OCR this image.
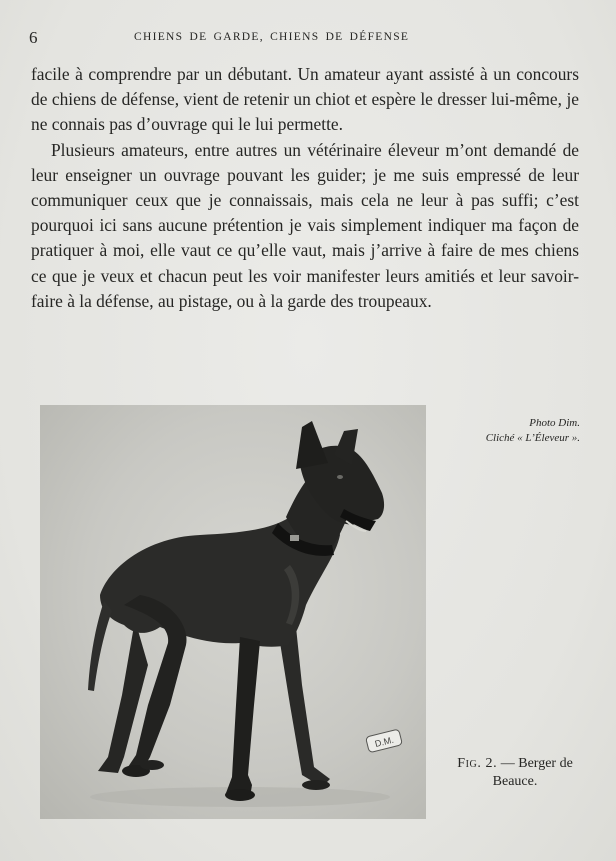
6	CHIENS DE GARDE, CHIENS DE DÉFENSE

facile à comprendre par un débutant. Un amateur ayant assisté à un concours de chiens de défense, vient de retenir un chiot et espère le dresser lui-même, je ne connais pas d’ouvrage qui le lui permette.

Plusieurs amateurs, entre autres un vétérinaire éleveur m’ont demandé de leur enseigner un ouvrage pouvant les guider; je me suis empressé de leur communiquer ceux que je connaissais, mais cela ne leur à pas suffi; c’est pourquoi ici sans aucune prétention je vais simplement indiquer ma façon de pratiquer à moi, elle vaut ce qu’elle vaut, mais j’arrive à faire de mes chiens ce que je veux et chacun peut les voir manifester leurs amitiés et leur savoir-faire à la défense, au pistage, ou à la garde des troupeaux.

D.M.
Photo Dim.
Cliché « L’Éleveur ».
Fig. 2. — Berger de Beauce.
